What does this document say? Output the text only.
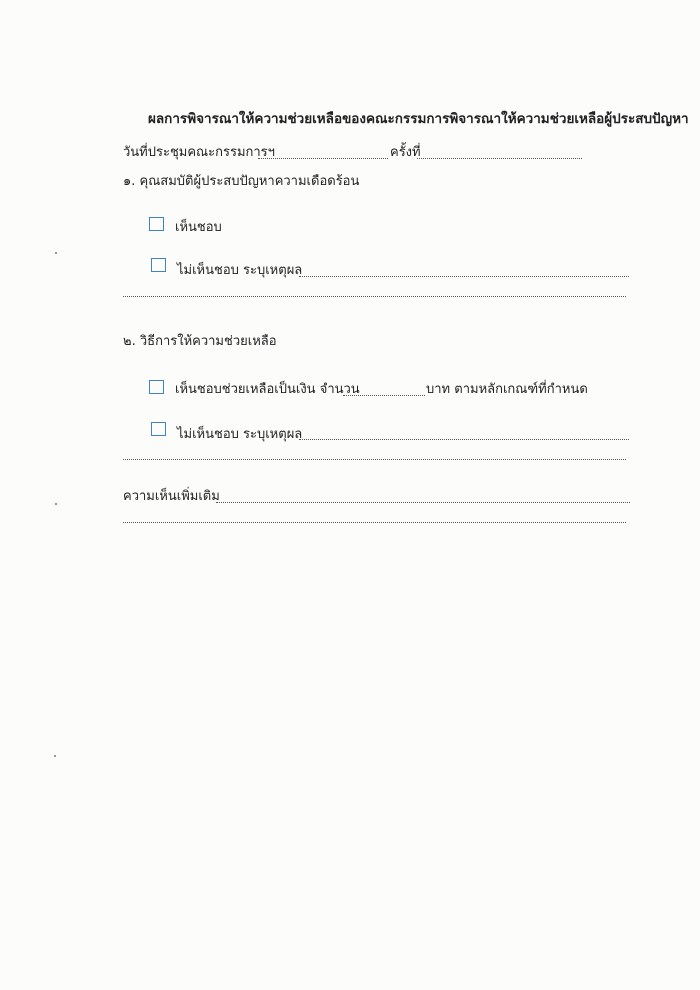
ผลการพิจารณาให้ความช่วยเหลือของคณะกรรมการพิจารณาให้ความช่วยเหลือผู้ประสบปัญหา
วันที่ประชุมคณะกรรมการฯ	ครั้งที่
๑. คุณสมบัติผู้ประสบปัญหาความเดือดร้อน
เห็นชอบ
ไม่เห็นชอบ ระบุเหตุผล
๒. วิธีการให้ความช่วยเหลือ
เห็นชอบช่วยเหลือเป็นเงิน จำนวน	บาท ตามหลักเกณฑ์ที่กำหนด
ไม่เห็นชอบ ระบุเหตุผล
ความเห็นเพิ่มเติม
